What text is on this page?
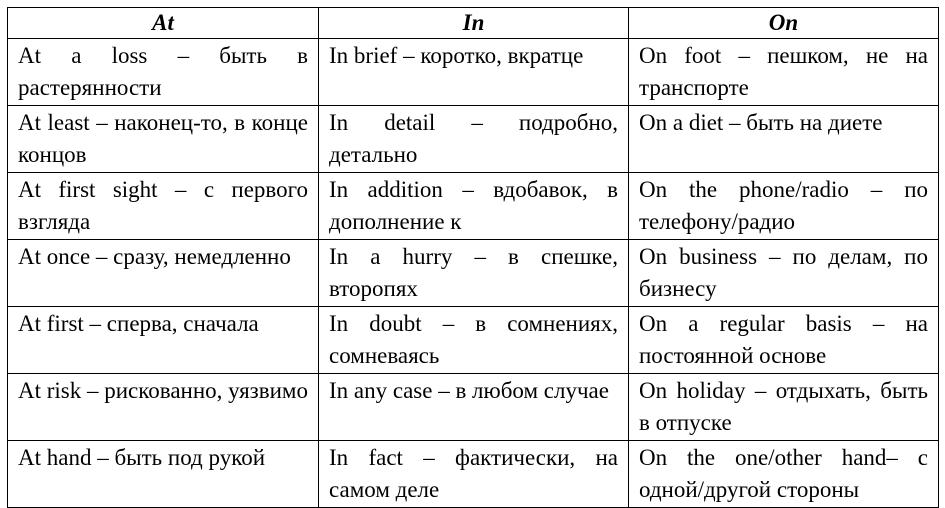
At	In	On
At a loss – быть в растерянности	In brief – коротко, вкратце	On foot – пешком, не на транспорте
At least – наконец-то, в конце концов	In detail – подробно, детально	On a diet – быть на диете
At first sight – с первого взгляда	In addition – вдобавок, в дополнение к	On the phone/radio – по телефону/радио
At once – сразу, немедленно	In a hurry – в спешке, второпях	On business – по делам, по бизнесу
At first – сперва, сначала	In doubt – в сомнениях, сомневаясь	On a regular basis – на постоянной основе
At risk – рискованно, уязвимо	In any case – в любом случае	On holiday – отдыхать, быть в отпуске
At hand – быть под рукой	In fact – фактически, на самом деле	On the one/other hand– с одной/другой стороны
